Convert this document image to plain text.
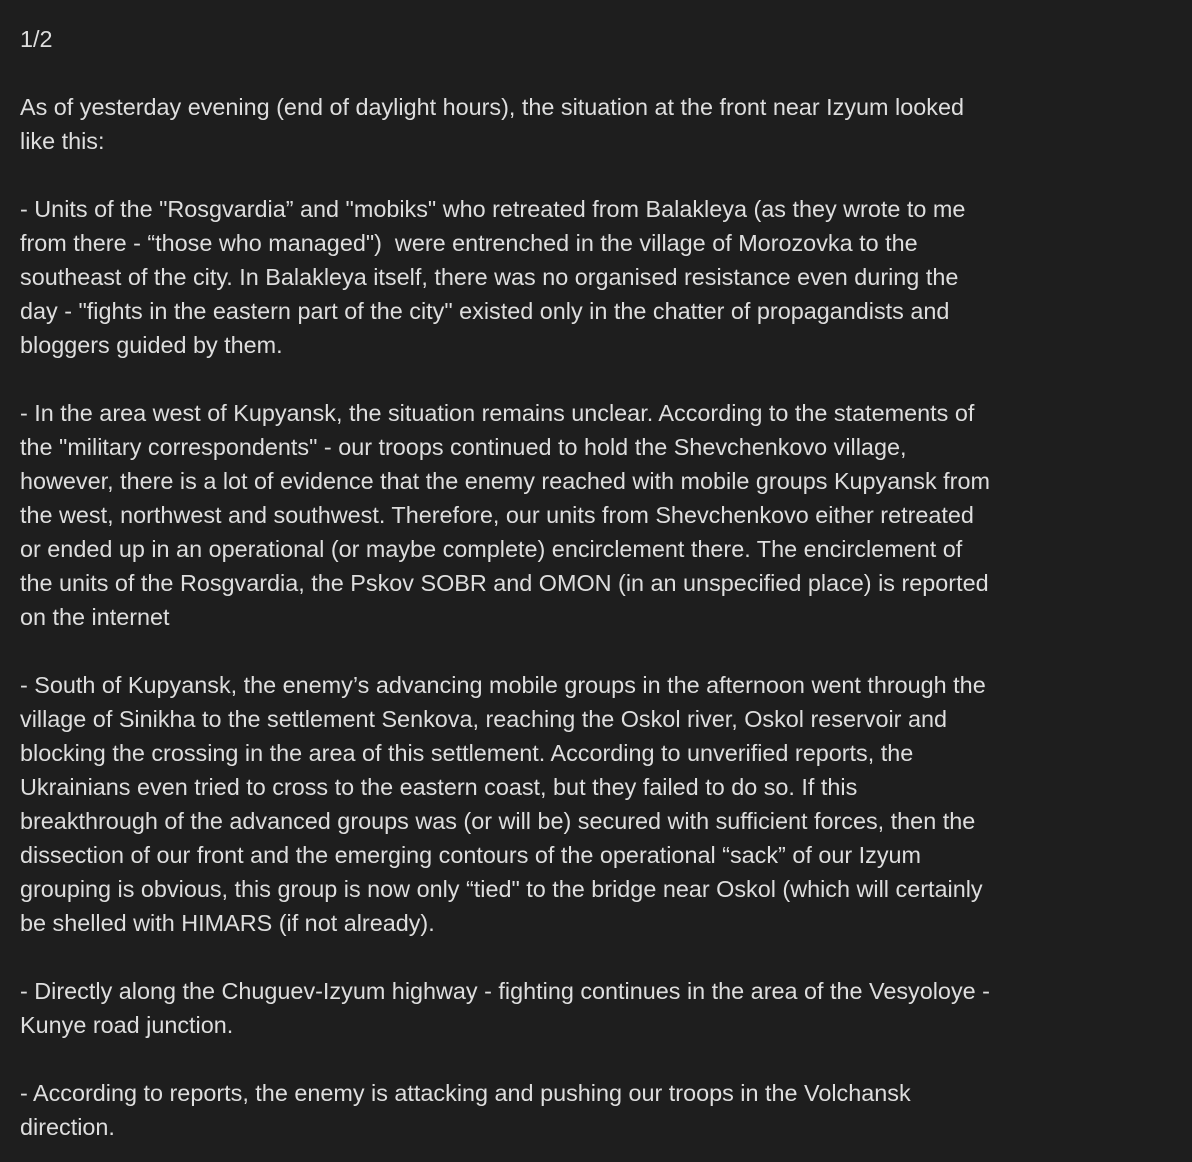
1/2
As of yesterday evening (end of daylight hours), the situation at the front near Izyum looked
like this:
- Units of the "Rosgvardia” and "mobiks" who retreated from Balakleya (as they wrote to me
from there - “those who managed")  were entrenched in the village of Morozovka to the
southeast of the city. In Balakleya itself, there was no organised resistance even during the
day - "fights in the eastern part of the city" existed only in the chatter of propagandists and
bloggers guided by them.
- In the area west of Kupyansk, the situation remains unclear. According to the statements of
the "military correspondents" - our troops continued to hold the Shevchenkovo village,
however, there is a lot of evidence that the enemy reached with mobile groups Kupyansk from
the west, northwest and southwest. Therefore, our units from Shevchenkovo either retreated
or ended up in an operational (or maybe complete) encirclement there. The encirclement of
the units of the Rosgvardia, the Pskov SOBR and OMON (in an unspecified place) is reported
on the internet
- South of Kupyansk, the enemy’s advancing mobile groups in the afternoon went through the
village of Sinikha to the settlement Senkova, reaching the Oskol river, Oskol reservoir and
blocking the crossing in the area of this settlement. According to unverified reports, the
Ukrainians even tried to cross to the eastern coast, but they failed to do so. If this
breakthrough of the advanced groups was (or will be) secured with sufficient forces, then the
dissection of our front and the emerging contours of the operational “sack” of our Izyum
grouping is obvious, this group is now only “tied" to the bridge near Oskol (which will certainly
be shelled with HIMARS (if not already).
- Directly along the Chuguev-Izyum highway - fighting continues in the area of the Vesyoloye -
Kunye road junction.
- According to reports, the enemy is attacking and pushing our troops in the Volchansk
direction.
